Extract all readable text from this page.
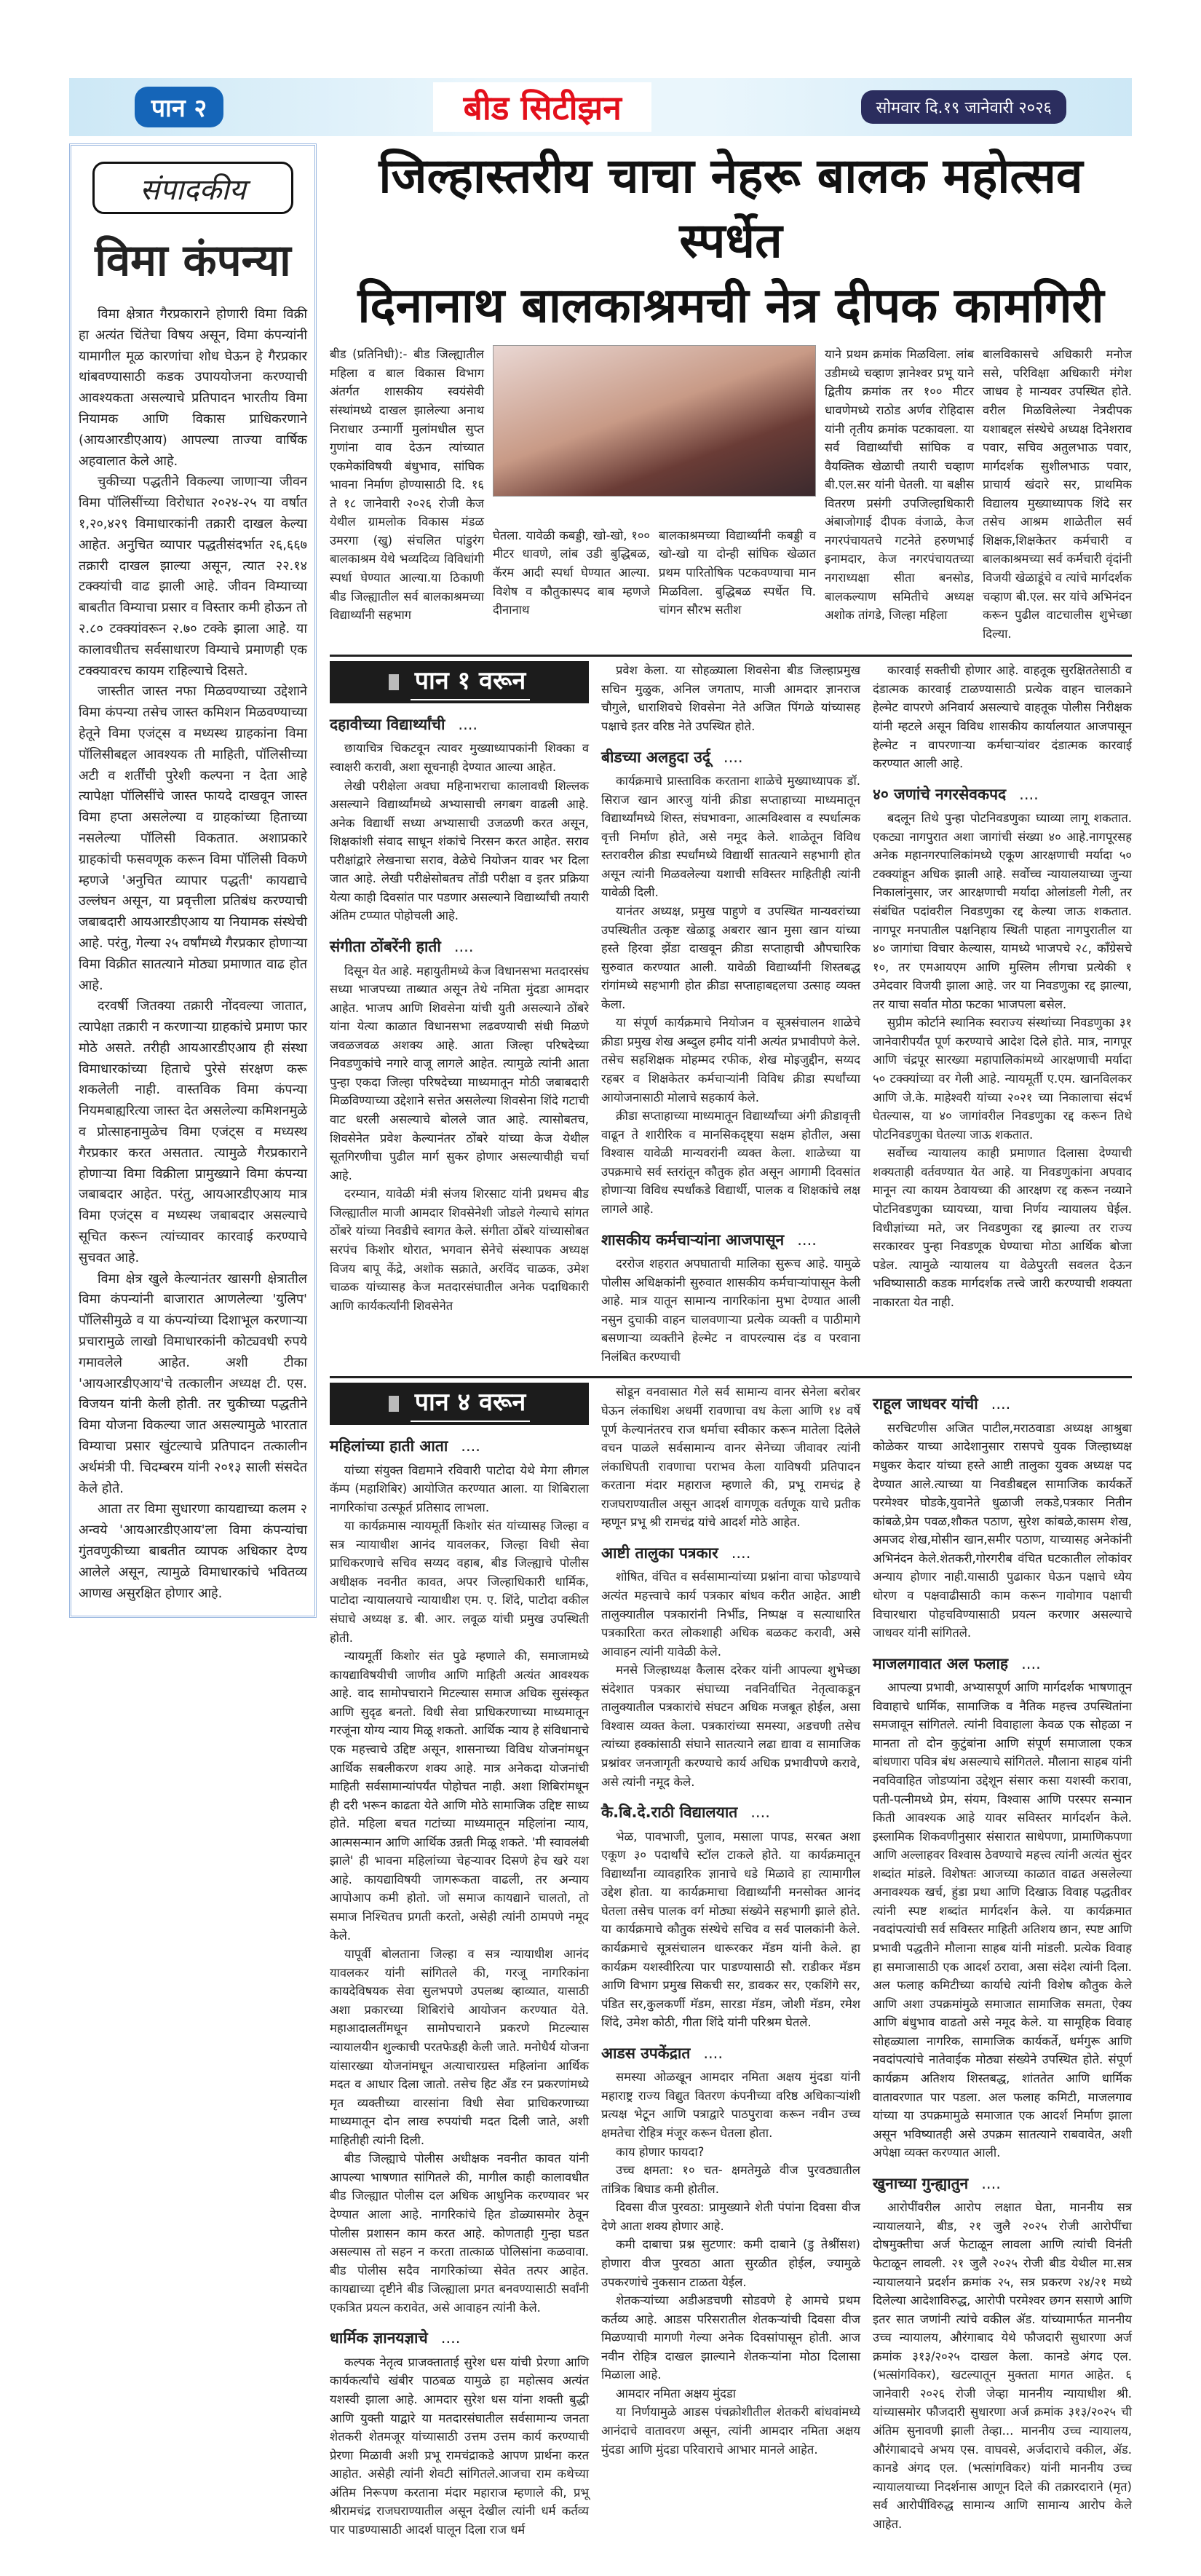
पान २	बीड सिटीझन	सोमवार दि.१९ जानेवारी २०२६
संपादकीय
विमा कंपन्या

विमा क्षेत्रात गैरप्रकाराने होणारी विमा विक्री हा अत्यंत चिंतेचा विषय असून, विमा कंपन्यांनी यामागील मूळ कारणांचा शोध घेऊन हे गैरप्रकार थांबवण्यासाठी कडक उपाययोजना करण्याची आवश्यकता असल्याचे प्रतिपादन भारतीय विमा नियामक आणि विकास प्राधिकरणाने (आयआरडीएआय) आपल्या ताज्या वार्षिक अहवालात केले आहे.

चुकीच्या पद्धतीने विकल्या जाणाऱ्या जीवन विमा पॉलिसींच्या विरोधात २०२४-२५ या वर्षात १,२०,४२९ विमाधारकांनी तक्रारी दाखल केल्या आहेत. अनुचित व्यापार पद्धतीसंदर्भात २६,६६७ तक्रारी दाखल झाल्या असून, त्यात २२.१४ टक्क्यांची वाढ झाली आहे. जीवन विम्याच्या बाबतीत विम्याचा प्रसार व विस्तार कमी होऊन तो २.८० टक्क्यांवरून २.७० टक्के झाला आहे. या कालावधीतच सर्वसाधारण विम्याचे प्रमाणही एक टक्क्यावरच कायम राहिल्याचे दिसते.

जास्तीत जास्त नफा मिळवण्याच्या उद्देशाने विमा कंपन्या तसेच जास्त कमिशन मिळवण्याच्या हेतूने विमा एजंट्स व मध्यस्थ ग्राहकांना विमा पॉलिसीबद्दल आवश्यक ती माहिती, पॉलिसीच्या अटी व शर्तींची पुरेशी कल्पना न देता आहे त्यापेक्षा पॉलिसींचे जास्त फायदे दाखवून जास्त विमा हप्ता असलेल्या व ग्राहकांच्या हिताच्या नसलेल्या पॉलिसी विकतात. अशाप्रकारे ग्राहकांची फसवणूक करून विमा पॉलिसी विकणे म्हणजे 'अनुचित व्यापार पद्धती' कायद्याचे उल्लंघन असून, या प्रवृत्तीला प्रतिबंध करण्याची जबाबदारी आयआरडीएआय या नियामक संस्थेची आहे. परंतु, गेल्या २५ वर्षांमध्ये गैरप्रकार होणाऱ्या विमा विक्रीत सातत्याने मोठ्या प्रमाणात वाढ होत आहे.

दरवर्षी जितक्या तक्रारी नोंदवल्या जातात, त्यापेक्षा तक्रारी न करणाऱ्या ग्राहकांचे प्रमाण फार मोठे असते. तरीही आयआरडीएआय ही संस्था विमाधारकांच्या हिताचे पुरेसे संरक्षण करू शकलेली नाही. वास्तविक विमा कंपन्या नियमबाह्यरित्या जास्त देत असलेल्या कमिशनमुळे व प्रोत्साहनामुळेच विमा एजंट्स व मध्यस्थ गैरप्रकार करत असतात. त्यामुळे गैरप्रकाराने होणाऱ्या विमा विक्रीला प्रामुख्याने विमा कंपन्या जबाबदार आहेत. परंतु, आयआरडीएआय मात्र विमा एजंट्स व मध्यस्थ जबाबदार असल्याचे सूचित करून त्यांच्यावर कारवाई करण्याचे सुचवत आहे.

विमा क्षेत्र खुले केल्यानंतर खासगी क्षेत्रातील विमा कंपन्यांनी बाजारात आणलेल्या 'युलिप' पॉलिसीमुळे व या कंपन्यांच्या दिशाभूल करणाऱ्या प्रचारामुळे लाखो विमाधारकांनी कोट्यवधी रुपये गमावलेले आहेत. अशी टीका 'आयआरडीएआय'चे तत्कालीन अध्यक्ष टी. एस. विजयन यांनी केली होती. तर चुकीच्या पद्धतीने विमा योजना विकल्या जात असल्यामुळे भारतात विम्याचा प्रसार खुंटल्याचे प्रतिपादन तत्कालीन अर्थमंत्री पी. चिदम्बरम यांनी २०१३ साली संसदेत केले होते.

आता तर विमा सुधारणा कायद्याच्या कलम २ अन्वये 'आयआरडीएआय'ला विमा कंपन्यांचा गुंतवणुकीच्या बाबतीत व्यापक अधिकार देण्य आलेले असून, त्यामुळे विमाधारकांचे भवितव्य आणख असुरक्षित होणार आहे.

जिल्हास्तरीय चाचा नेहरू बालक महोत्सव स्पर्धेत
दिनानाथ बालकाश्रमची नेत्र दीपक कामगिरी

बीड (प्रतिनिधी):- बीड जिल्ह्यातील महिला व बाल विकास विभाग अंतर्गत शासकीय स्वयंसेवी संस्थांमध्ये दाखल झालेल्या अनाथ निराधार उन्मार्गी मुलांमधील सुप्त गुणांना वाव देऊन त्यांच्यात एकमेकांविषयी बंधुभाव, सांघिक भावना निर्माण होण्यासाठी दि. १६ ते १८ जानेवारी २०२६ रोजी केज येथील ग्रामलोक विकास मंडळ उमरगा (खु) संचलित पांडुरंग बालकाश्रम येथे भव्यदिव्य विविधांगी स्पर्धा घेण्यात आल्या.या ठिकाणी बीड जिल्ह्यातील सर्व बालकाश्रमच्या विद्यार्थ्यांनी सहभाग

घेतला. यावेळी कबड्डी, खो-खो, १०० मीटर धावणे, लांब उडी बुद्धिबळ, कॅरम आदी स्पर्धा घेण्यात आल्या. विशेष व कौतुकास्पद बाब म्हणजे दीनानाथ

बालकाश्रमच्या विद्यार्थ्यांनी कबड्डी व खो-खो या दोन्ही सांघिक खेळात प्रथम पारितोषिक पटकवण्याचा मान मिळविला. बुद्धिबळ स्पर्धेत चि. चांगन सौरभ सतीश

याने प्रथम क्रमांक मिळविला. लांब उडीमध्ये चव्हाण ज्ञानेश्वर प्रभू याने द्वितीय क्रमांक तर १०० मीटर धावणेमध्ये राठोड अर्णव रोहिदास यांनी तृतीय क्रमांक पटकावला. या सर्व विद्यार्थ्यांची सांघिक व वैयक्तिक खेळाची तयारी चव्हाण बी.एल.सर यांनी घेतली. या बक्षीस वितरण प्रसंगी उपजिल्हाधिकारी अंबाजोगाई दीपक वंजाळे, केज नगरपंचायतचे गटनेते हरुणभाई इनामदार, केज नगरपंचायतच्या नगराध्यक्षा सीता बनसोड, बालकल्याण समितीचे अध्यक्ष अशोक तांगडे, जिल्हा महिला

बालविकासचे अधिकारी मनोज ससे, परिविक्षा अधिकारी मंगेश जाधव हे मान्यवर उपस्थित होते. वरील मिळविलेल्या नेत्रदीपक यशाबद्दल संस्थेचे अध्यक्ष दिनेशराव पवार, सचिव अतुलभाऊ पवार, मार्गदर्शक सुशीलभाऊ पवार, प्राचार्य खंदारे सर, प्राथमिक विद्यालय मुख्याध्यापक शिंदे सर तसेच आश्रम शाळेतील सर्व शिक्षक,शिक्षकेतर कर्मचारी व बालकाश्रमच्या सर्व कर्मचारी वृंदांनी विजयी खेळाडूंचे व त्यांचे मार्गदर्शक चव्हाण बी.एल. सर यांचे अभिनंदन करून पुढील वाटचालीस शुभेच्छा दिल्या.

पान १ वरून
दहावीच्या विद्यार्थ्यांची ....

छायाचित्र चिकटवून त्यावर मुख्याध्यापकांनी शिक्का व स्वाक्षरी करावी, अशा सूचनाही देण्यात आल्या आहेत.

लेखी परीक्षेला अवघा महिनाभराचा कालावधी शिल्लक असल्याने विद्यार्थ्यांमध्ये अभ्यासाची लगबग वाढली आहे. अनेक विद्यार्थी सध्या अभ्यासाची उजळणी करत असून, शिक्षकांशी संवाद साधून शंकांचे निरसन करत आहेत. सराव परीक्षांद्वारे लेखनाचा सराव, वेळेचे नियोजन यावर भर दिला जात आहे. लेखी परीक्षेसोबतच तोंडी परीक्षा व इतर प्रक्रिया येत्या काही दिवसांत पार पडणार असल्याने विद्यार्थ्यांची तयारी अंतिम टप्प्यात पोहोचली आहे.

संगीता ठोंबरेंनी हाती ....

दिसून येत आहे. महायुतीमध्ये केज विधानसभा मतदारसंघ सध्या भाजपच्या ताब्यात असून तेथे नमिता मुंदडा आमदार आहेत. भाजप आणि शिवसेना यांची युती असल्याने ठोंबरे यांना येत्या काळात विधानसभा लढवण्याची संधी मिळणे जवळजवळ अशक्य आहे. आता जिल्हा परिषदेच्या निवडणुकांचे नगारे वाजू लागले आहेत. त्यामुळे त्यांनी आता पुन्हा एकदा जिल्हा परिषदेच्या माध्यमातून मोठी जबाबदारी मिळविण्याच्या उद्देशाने सत्तेत असलेल्या शिवसेना शिंदे गटाची वाट धरली असल्याचे बोलले जात आहे. त्यासोबतच, शिवसेनेत प्रवेश केल्यानंतर ठोंबरे यांच्या केज येथील सूतगिरणीचा पुढील मार्ग सुकर होणार असल्याचीही चर्चा आहे.

दरम्यान, यावेळी मंत्री संजय शिरसाट यांनी प्रथमच बीड जिल्ह्यातील माजी आमदार शिवसेनेशी जोडले गेल्याचे सांगत ठोंबरे यांच्या निवडीचे स्वागत केले. संगीता ठोंबरे यांच्यासोबत सरपंच किशोर थोरात, भगवान सेनेचे संस्थापक अध्यक्ष विजय बापू केंद्रे, अशोक सक्राते, अरविंद चाळक, उमेश चाळक यांच्यासह केज मतदारसंघातील अनेक पदाधिकारी आणि कार्यकर्त्यांनी शिवसेनेत

प्रवेश केला. या सोहळ्याला शिवसेना बीड जिल्हाप्रमुख सचिन मुळुक, अनिल जगताप, माजी आमदार ज्ञानराज चौगुले, धाराशिवचे शिवसेना नेते अजित पिंगळे यांच्यासह पक्षाचे इतर वरिष्ठ नेते उपस्थित होते.

बीडच्या अलहुदा उर्दू ....

कार्यक्रमाचे प्रास्ताविक करताना शाळेचे मुख्याध्यापक डॉ. सिराज खान आरजु यांनी क्रीडा सप्ताहाच्या माध्यमातून विद्यार्थ्यांमध्ये शिस्त, संघभावना, आत्मविश्वास व स्पर्धात्मक वृत्ती निर्माण होते, असे नमूद केले. शाळेतून विविध स्तरावरील क्रीडा स्पर्धांमध्ये विद्यार्थी सातत्याने सहभागी होत असून त्यांनी मिळवलेल्या यशाची सविस्तर माहितीही त्यांनी यावेळी दिली.

यानंतर अध्यक्ष, प्रमुख पाहुणे व उपस्थित मान्यवरांच्या उपस्थितीत उत्कृष्ट खेळाडू अबरार खान मुसा खान यांच्या हस्ते हिरवा झेंडा दाखवून क्रीडा सप्ताहाची औपचारिक सुरुवात करण्यात आली. यावेळी विद्यार्थ्यांनी शिस्तबद्ध रांगांमध्ये सहभागी होत क्रीडा सप्ताहाबद्दलचा उत्साह व्यक्त केला.

या संपूर्ण कार्यक्रमाचे नियोजन व सूत्रसंचालन शाळेचे क्रीडा प्रमुख शेख अब्दुल हमीद यांनी अत्यंत प्रभावीपणे केले. तसेच सहशिक्षक मोहम्मद रफीक, शेख मोइजुद्दीन, सय्यद रहबर व शिक्षकेतर कर्मचाऱ्यांनी विविध क्रीडा स्पर्धांच्या आयोजनासाठी मोलाचे सहकार्य केले.

क्रीडा सप्ताहाच्या माध्यमातून विद्यार्थ्यांच्या अंगी क्रीडावृत्ती वाढून ते शारीरिक व मानसिकदृष्ट्या सक्षम होतील, असा विश्वास यावेळी मान्यवरांनी व्यक्त केला. शाळेच्या या उपक्रमाचे सर्व स्तरांतून कौतुक होत असून आगामी दिवसांत होणाऱ्या विविध स्पर्धांकडे विद्यार्थी, पालक व शिक्षकांचे लक्ष लागले आहे.

शासकीय कर्मचाऱ्यांना आजपासून ....

दररोज शहरात अपघाताची मालिका सुरूच आहे. यामुळे पोलीस अधिक्षकांनी सुरुवात शासकीय कर्मचाऱ्यांपासून केली आहे. मात्र यातून सामान्य नागरिकांना मुभा देण्यात आली नसुन दुचाकी वाहन चालवणाऱ्या प्रत्येक व्यक्ती व पाठीमागे बसणाऱ्या व्यक्तीने हेल्मेट न वापरल्यास दंड व परवाना निलंबित करण्याची

कारवाई सक्तीची होणार आहे. वाहतूक सुरक्षिततेसाठी व दंडात्मक कारवाई टाळण्यासाठी प्रत्येक वाहन चालकाने हेल्मेट वापरणे अनिवार्य असल्याचे वाहतूक पोलीस निरीक्षक यांनी म्हटले असून विविध शासकीय कार्यालयात आजपासून हेल्मेट न वापरणाऱ्या कर्मचाऱ्यांवर दंडात्मक कारवाई करण्यात आली आहे.

४० जणांचे नगरसेवकपद ....

बदलून तिथे पुन्हा पोटनिवडणुका घ्याव्या लागू शकतात. एकट्या नागपुरात अशा जागांची संख्या ४० आहे.नागपूरसह अनेक महानगरपालिकांमध्ये एकूण आरक्षणाची मर्यादा ५० टक्क्यांहून अधिक झाली आहे. सर्वोच्च न्यायालयाच्या जुन्या निकालांनुसार, जर आरक्षणाची मर्यादा ओलांडली गेली, तर संबंधित पदांवरील निवडणुका रद्द केल्या जाऊ शकतात. नागपूर मनपातील पक्षनिहाय स्थिती पाहता नागपुरातील या ४० जागांचा विचार केल्यास, यामध्ये भाजपचे २८, काँग्रेसचे १०, तर एमआयएम आणि मुस्लिम लीगचा प्रत्येकी १ उमेदवार विजयी झाला आहे. जर या निवडणुका रद्द झाल्या, तर याचा सर्वात मोठा फटका भाजपला बसेल.

सुप्रीम कोर्टाने स्थानिक स्वराज्य संस्थांच्या निवडणुका ३१ जानेवारीपर्यंत पूर्ण करण्याचे आदेश दिले होते. मात्र, नागपूर आणि चंद्रपूर सारख्या महापालिकांमध्ये आरक्षणाची मर्यादा ५० टक्क्यांच्या वर गेली आहे. न्यायमूर्ती ए.एम. खानविलकर आणि जे.के. माहेश्वरी यांच्या २०२१ च्या निकालाचा संदर्भ घेतल्यास, या ४० जागांवरील निवडणुका रद्द करून तिथे पोटनिवडणुका घेतल्या जाऊ शकतात.

सर्वोच्च न्यायालय काही प्रमाणात दिलासा देण्याची शक्यताही वर्तवण्यात येत आहे. या निवडणुकांना अपवाद मानून त्या कायम ठेवायच्या की आरक्षण रद्द करून नव्याने पोटनिवडणुका घ्यायच्या, याचा निर्णय न्यायालय घेईल. विधीज्ञांच्या मते, जर निवडणुका रद्द झाल्या तर राज्य सरकारवर पुन्हा निवडणूक घेण्याचा मोठा आर्थिक बोजा पडेल. त्यामुळे न्यायालय या वेळेपुरती सवलत देऊन भविष्यासाठी कडक मार्गदर्शक तत्त्वे जारी करण्याची शक्यता नाकारता येत नाही.

पान ४ वरून
महिलांच्या हाती आता ....

यांच्या संयुक्त विद्यमाने रविवारी पाटोदा येथे मेगा लीगल कॅम्प (महाशिबिर) आयोजित करण्यात आला. या शिबिराला नागरिकांचा उत्स्फूर्त प्रतिसाद लाभला.

या कार्यक्रमास न्यायमूर्ती किशोर संत यांच्यासह जिल्हा व सत्र न्यायाधीश आनंद यावलकर, जिल्हा विधी सेवा प्राधिकरणाचे सचिव सय्यद वहाब, बीड जिल्ह्याचे पोलीस अधीक्षक नवनीत कावत, अपर जिल्हाधिकारी धार्मिक, पाटोदा न्यायालयाचे न्यायाधीश एम. ए. शिंदे, पाटोदा वकील संघाचे अध्यक्ष ड. बी. आर. लवूळ यांची प्रमुख उपस्थिती होती.

न्यायमूर्ती किशोर संत पुढे म्हणाले की, समाजामध्ये कायद्याविषयीची जाणीव आणि माहिती अत्यंत आवश्यक आहे. वाद सामोपचाराने मिटल्यास समाज अधिक सुसंस्कृत आणि सुदृढ बनतो. विधी सेवा प्राधिकरणाच्या माध्यमातून गरजूंना योग्य न्याय मिळू शकतो. आर्थिक न्याय हे संविधानाचे एक महत्त्वाचे उद्दिष्ट असून, शासनाच्या विविध योजनांमधून आर्थिक सबलीकरण शक्य आहे. मात्र अनेकदा योजनांची माहिती सर्वसामान्यांपर्यंत पोहोचत नाही. अशा शिबिरांमधून ही दरी भरून काढता येते आणि मोठे सामाजिक उद्दिष्ट साध्य होते. महिला बचत गटांच्या माध्यमातून महिलांना न्याय, आत्मसन्मान आणि आर्थिक उन्नती मिळू शकते. 'मी स्वावलंबी झाले' ही भावना महिलांच्या चेहऱ्यावर दिसणे हेच खरे यश आहे. कायद्याविषयी जागरूकता वाढली, तर अन्याय आपोआप कमी होतो. जो समाज कायद्याने चालतो, तो समाज निश्चितच प्रगती करतो, असेही त्यांनी ठामपणे नमूद केले.

यापूर्वी बोलताना जिल्हा व सत्र न्यायाधीश आनंद यावलकर यांनी सांगितले की, गरजू नागरिकांना कायदेविषयक सेवा सुलभपणे उपलब्ध व्हाव्यात, यासाठी अशा प्रकारच्या शिबिरांचे आयोजन करण्यात येते. महाआदालतींमधून सामोपचाराने प्रकरणे मिटल्यास न्यायालयीन शुल्काची परतफेडही केली जाते. मनोधैर्य योजना यांसारख्या योजनांमधून अत्याचारग्रस्त महिलांना आर्थिक मदत व आधार दिला जातो. तसेच हिट अँड रन प्रकरणांमध्ये मृत व्यक्तीच्या वारसांना विधी सेवा प्राधिकरणाच्या माध्यमातून दोन लाख रुपयांची मदत दिली जाते, अशी माहितीही त्यांनी दिली.

बीड जिल्ह्याचे पोलीस अधीक्षक नवनीत कावत यांनी आपल्या भाषणात सांगितले की, मागील काही कालावधीत बीड जिल्ह्यात पोलीस दल अधिक आधुनिक करण्यावर भर देण्यात आला आहे. नागरिकांचे हित डोळ्यासमोर ठेवून पोलीस प्रशासन काम करत आहे. कोणताही गुन्हा घडत असल्यास तो सहन न करता तात्काळ पोलिसांना कळवावा. बीड पोलीस सदैव नागरिकांच्या सेवेत तत्पर आहेत. कायद्याच्या दृष्टीने बीड जिल्ह्याला प्रगत बनवण्यासाठी सर्वांनी एकत्रित प्रयत्न करावेत, असे आवाहन त्यांनी केले.

धार्मिक ज्ञानयज्ञाचे ....

कल्पक नेतृत्व प्राजक्ताताई सुरेश धस यांची प्रेरणा आणि कार्यकर्त्यांचे खंबीर पाठबळ यामुळे हा महोत्सव अत्यंत यशस्वी झाला आहे. आमदार सुरेश धस यांना शक्ती बुद्धी आणि युक्ती याद्वारे या मतदारसंघातील सर्वसामान्य जनता शेतकरी शेतमजूर यांच्यासाठी उत्तम उत्तम कार्य करण्याची प्रेरणा मिळावी अशी प्रभू रामचंद्राकडे आपण प्रार्थना करत आहोत. असेही त्यांनी शेवटी सांगितले.आजचा राम कथेच्या अंतिम निरूपण करताना मंदार महाराज म्हणाले की, प्रभू श्रीरामचंद्र राजघराण्यातील असून देखील त्यांनी धर्म कर्तव्य पार पाडण्यासाठी आदर्श घालून दिला राज धर्म

सोडून वनवासात गेले सर्व सामान्य वानर सेनेला बरोबर घेऊन लंकाधिश अधर्मी रावणाचा वध केला आणि १४ वर्षे पूर्ण केल्यानंतरच राज धर्माचा स्वीकार करून मातेला दिलेले वचन पाळले सर्वसामान्य वानर सेनेच्या जीवावर त्यांनी लंकाधिपती रावणाचा पराभव केला याविषयी प्रतिपादन करताना मंदार महाराज म्हणाले की, प्रभू रामचंद्र हे राजघराण्यातील असून आदर्श वागणूक वर्तणूक याचे प्रतीक म्हणून प्रभू श्री रामचंद्र यांचे आदर्श मोठे आहेत.

आष्टी तालुका पत्रकार ....

शोषित, वंचित व सर्वसामान्यांच्या प्रश्नांना वाचा फोडण्याचे अत्यंत महत्त्वाचे कार्य पत्रकार बांधव करीत आहेत. आष्टी तालुक्यातील पत्रकारांनी निर्भीड, निष्पक्ष व सत्याधारित पत्रकारिता करत लोकशाही अधिक बळकट करावी, असे आवाहन त्यांनी यावेळी केले.

मनसे जिल्हाध्यक्ष कैलास दरेकर यांनी आपल्या शुभेच्छा संदेशात पत्रकार संघाच्या नवनिर्वाचित नेतृत्वाकडून तालुक्यातील पत्रकारांचे संघटन अधिक मजबूत होईल, असा विश्वास व्यक्त केला. पत्रकारांच्या समस्या, अडचणी तसेच त्यांच्या हक्कांसाठी संघाने सातत्याने लढा द्यावा व सामाजिक प्रश्नांवर जनजागृती करण्याचे कार्य अधिक प्रभावीपणे करावे, असे त्यांनी नमूद केले.

कै.बि.दे.राठी विद्यालयात ....

भेळ, पावभाजी, पुलाव, मसाला पापड, सरबत अशा एकूण ३० पदार्थांचे स्टॉल टाकले होते. या कार्यक्रमातून विद्यार्थ्यांना व्यावहारिक ज्ञानाचे धडे मिळावे हा त्यामागील उद्देश होता. या कार्यक्रमाचा विद्यार्थ्यांनी मनसोक्त आनंद घेतला तसेच पालक वर्ग मोठ्या संख्येने सहभागी झाले होते. या कार्यक्रमाचे कौतुक संस्थेचे सचिव व सर्व पालकांनी केले. कार्यक्रमाचे सूत्रसंचालन धारूरकर मॅडम यांनी केले. हा कार्यक्रम यशस्वीरित्या पार पाडण्यासाठी सौ. राडीकर मॅडम आणि विभाग प्रमुख सिकची सर, डावकर सर, एकशिंगे सर, पंडित सर,कुलकर्णी मॅडम, सारडा मॅडम, जोशी मॅडम, रमेश शिंदे, उमेश कोठी, गीता शिंदे यांनी परिश्रम घेतले.

आडस उपकेंद्रात ....

समस्या ओळखून आमदार नमिता अक्षय मुंदडा यांनी महाराष्ट्र राज्य विद्युत वितरण कंपनीच्या वरिष्ठ अधिकाऱ्यांशी प्रत्यक्ष भेटून आणि पत्राद्वारे पाठपुरावा करून नवीन उच्च क्षमतेचा रोहित्र मंजूर करून घेतला होता.

काय होणार फायदा?

उच्च क्षमता: १० चत- क्षमतेमुळे वीज पुरवठ्यातील तांत्रिक बिघाड कमी होतील.

दिवसा वीज पुरवठा: प्रामुख्याने शेती पंपांना दिवसा वीज देणे आता शक्य होणार आहे.

कमी दाबाचा प्रश्न सुटणार: कमी दाबाने (डु तेश्रींसश) होणारा वीज पुरवठा आता सुरळीत होईल, ज्यामुळे उपकरणांचे नुकसान टाळता येईल.

शेतकऱ्यांच्या अडीअडचणी सोडवणे हे आमचे प्रथम कर्तव्य आहे. आडस परिसरातील शेतकऱ्यांची दिवसा वीज मिळण्याची मागणी गेल्या अनेक दिवसांपासून होती. आज नवीन रोहित्र दाखल झाल्याने शेतकऱ्यांना मोठा दिलासा मिळाला आहे.

आमदार नमिता अक्षय मुंदडा

या निर्णयामुळे आडस पंचक्रोशीतील शेतकरी बांधवांमध्ये आनंदाचे वातावरण असून, त्यांनी आमदार नमिता अक्षय मुंदडा आणि मुंदडा परिवाराचे आभार मानले आहेत.

राहूल जाधवर यांची ....

सरचिटणीस अजित पाटील,मराठवाडा अध्यक्ष आश्रुबा कोळेकर याच्या आदेशानुसार रासपचे युवक जिल्हाध्यक्ष मधुकर केदार यांच्या हस्ते आष्टी तालुका युवक अध्यक्ष पद देण्यात आले.त्याच्या या निवडीबद्दल सामाजिक कार्यकर्ते परमेश्वर घोडके,युवानेते धुळाजी लकडे,पत्रकार नितीन कांबळे,प्रेम पवळ,शौकत पठाण, सुरेश कांबळे,कासम शेख, अमजद शेख,मोसीन खान,समीर पठाण, याच्यासह अनेकांनी अभिनंदन केले.शेतकरी,गोरगरीब वंचित घटकातील लोकांवर अन्याय होणार नाही.यासाठी पुढाकार घेऊन पक्षाचे ध्येय धोरण व पक्षवाढीसाठी काम करून गावोगाव पक्षाची विचारधारा पोहचविण्यासाठी प्रयत्न करणार असल्याचे जाधवर यांनी सांगितले.

माजलगावात अल फलाह ....

आपल्या प्रभावी, अभ्यासपूर्ण आणि मार्गदर्शक भाषणातून विवाहाचे धार्मिक, सामाजिक व नैतिक महत्त्व उपस्थितांना समजावून सांगितले. त्यांनी विवाहाला केवळ एक सोहळा न मानता तो दोन कुटुंबांना आणि संपूर्ण समाजाला एकत्र बांधणारा पवित्र बंध असल्याचे सांगितले. मौलाना साहब यांनी नवविवाहित जोडप्यांना उद्देशून संसार कसा यशस्वी करावा, पती-पत्नीमध्ये प्रेम, संयम, विश्वास आणि परस्पर सन्मान किती आवश्यक आहे यावर सविस्तर मार्गदर्शन केले. इस्लामिक शिकवणीनुसार संसारात साधेपणा, प्रामाणिकपणा आणि अल्लाहवर विश्वास ठेवण्याचे महत्त्व त्यांनी अत्यंत सुंदर शब्दांत मांडले. विशेषतः आजच्या काळात वाढत असलेल्या अनावश्यक खर्च, हुंडा प्रथा आणि दिखाऊ विवाह पद्धतीवर त्यांनी स्पष्ट शब्दांत मार्गदर्शन केले. या कार्यक्रमात नवदांपत्यांची सर्व सविस्तर माहिती अतिशय छान, स्पष्ट आणि प्रभावी पद्धतीने मौलाना साहब यांनी मांडली. प्रत्येक विवाह हा समाजासाठी एक आदर्श ठरावा, असा संदेश त्यांनी दिला. अल फलाह कमिटीच्या कार्याचे त्यांनी विशेष कौतुक केले आणि अशा उपक्रमांमुळे समाजात सामाजिक समता, ऐक्य आणि बंधुभाव वाढतो असे नमूद केले. या सामूहिक विवाह सोहळ्याला नागरिक, सामाजिक कार्यकर्ते, धर्मगुरू आणि नवदांपत्यांचे नातेवाईक मोठ्या संख्येने उपस्थित होते. संपूर्ण कार्यक्रम अतिशय शिस्तबद्ध, शांततेत आणि धार्मिक वातावरणात पार पडला. अल फलाह कमिटी, माजलगाव यांच्या या उपक्रमामुळे समाजात एक आदर्श निर्माण झाला असून भविष्यातही असे उपक्रम सातत्याने राबवावेत, अशी अपेक्षा व्यक्त करण्यात आली.

खुनाच्या गुन्ह्यातुन ....

आरोपींवरील आरोप लक्षात घेता, माननीय सत्र न्यायालयाने, बीड, २१ जुलै २०२५ रोजी आरोपींचा दोषमुक्तीचा अर्ज फेटाळून लावला आणि त्यांची विनंती फेटाळून लावली. २१ जुलै २०२५ रोजी बीड येथील मा.सत्र न्यायालयाने प्रदर्शन क्रमांक २५, सत्र प्रकरण २४/२१ मध्ये दिलेल्या आदेशाविरुद्ध, आरोपी परमेश्वर छगन ससाणे आणि इतर सात जणांनी त्यांचे वकील ॲड. यांच्यामार्फत माननीय उच्च न्यायालय, औरंगाबाद येथे फौजदारी सुधारणा अर्ज क्रमांक ३१३/२०२५ दाखल केला. कानडे अंगद एल. (भत्सांगविकर), खटल्यातून मुक्तता मागत आहेत. ६ जानेवारी २०२६ रोजी जेव्हा माननीय न्यायाधीश श्री. यांच्यासमोर फौजदारी सुधारणा अर्ज क्रमांक ३१३/२०२५ ची अंतिम सुनावणी झाली तेव्हा... माननीय उच्च न्यायालय, औरंगाबादचे अभय एस. वाघवसे, अर्जदाराचे वकील, ॲड. कानडे अंगद एल. (भत्सांगविकर) यांनी माननीय उच्च न्यायालयाच्या निदर्शनास आणून दिले की तक्रारदाराने (मृत) सर्व आरोपींविरुद्ध सामान्य आणि सामान्य आरोप केले आहेत.
